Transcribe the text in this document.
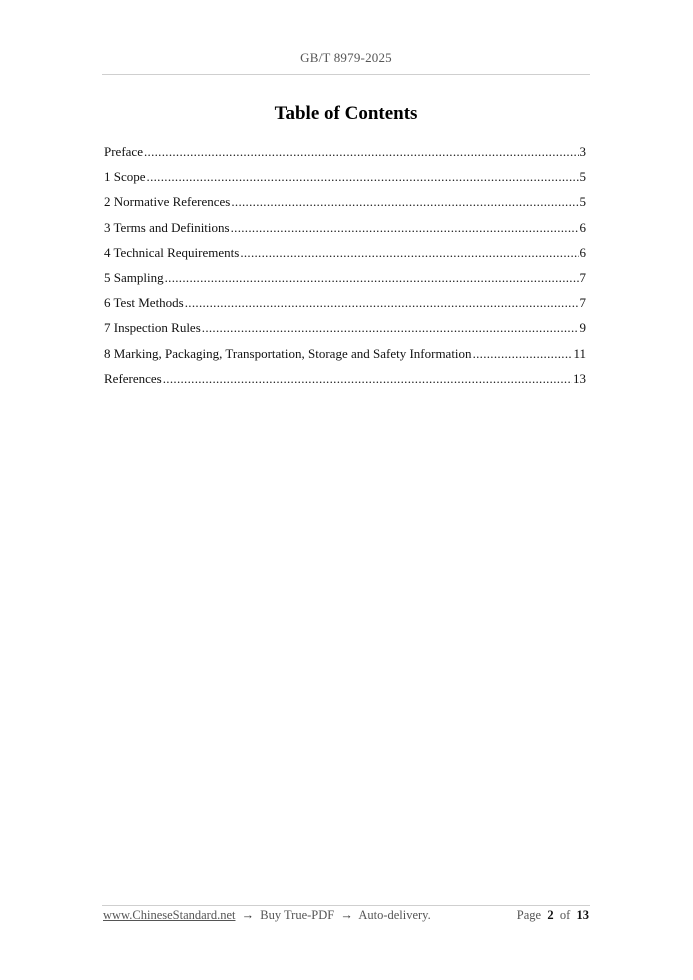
GB/T 8979-2025
Table of Contents
Preface .....	3
1 Scope .....	5
2 Normative References .....	5
3 Terms and Definitions .....	6
4 Technical Requirements .....	6
5 Sampling .....	7
6 Test Methods .....	7
7 Inspection Rules .....	9
8 Marking, Packaging, Transportation, Storage and Safety Information .....	11
References .....	13
www.ChineseStandard.net → Buy True-PDF → Auto-delivery.	Page 2 of 13
